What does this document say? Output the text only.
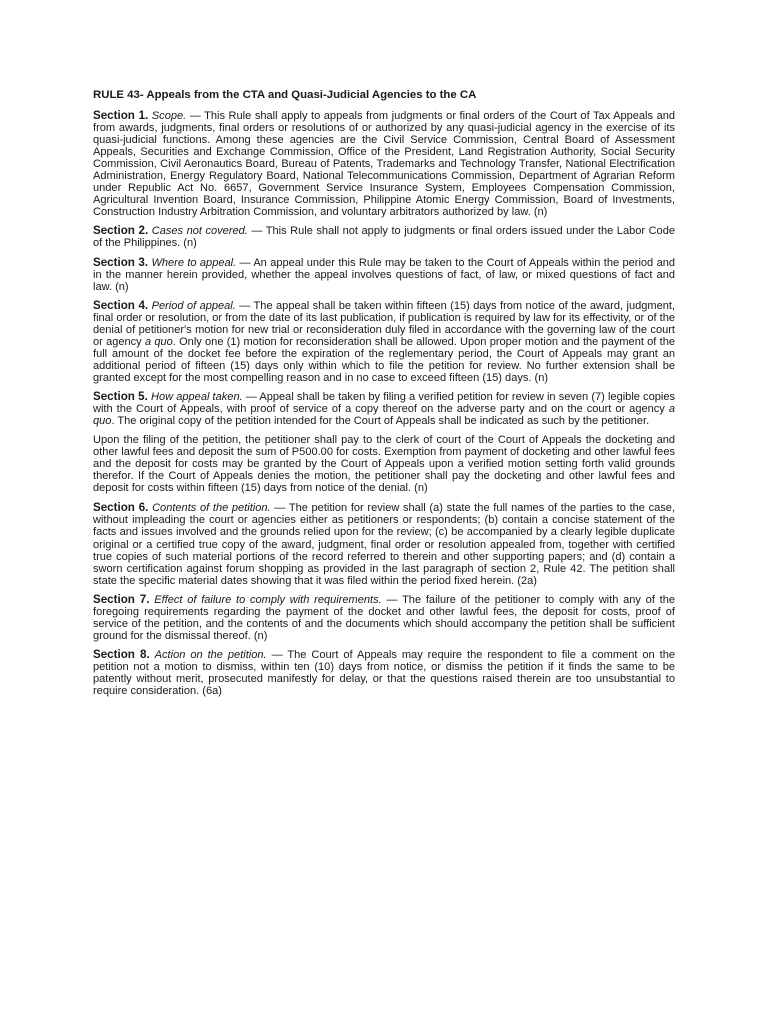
RULE 43- Appeals from the CTA and Quasi-Judicial Agencies to the CA

Section 1. Scope. — This Rule shall apply to appeals from judgments or final orders of the Court of Tax Appeals and from awards, judgments, final orders or resolutions of or authorized by any quasi-judicial agency in the exercise of its quasi-judicial functions. Among these agencies are the Civil Service Commission, Central Board of Assessment Appeals, Securities and Exchange Commission, Office of the President, Land Registration Authority, Social Security Commission, Civil Aeronautics Board, Bureau of Patents, Trademarks and Technology Transfer, National Electrification Administration, Energy Regulatory Board, National Telecommunications Commission, Department of Agrarian Reform under Republic Act No. 6657, Government Service Insurance System, Employees Compensation Commission, Agricultural Invention Board, Insurance Commission, Philippine Atomic Energy Commission, Board of Investments, Construction Industry Arbitration Commission, and voluntary arbitrators authorized by law. (n)

Section 2. Cases not covered. — This Rule shall not apply to judgments or final orders issued under the Labor Code of the Philippines. (n)

Section 3. Where to appeal. — An appeal under this Rule may be taken to the Court of Appeals within the period and in the manner herein provided, whether the appeal involves questions of fact, of law, or mixed questions of fact and law. (n)

Section 4. Period of appeal. — The appeal shall be taken within fifteen (15) days from notice of the award, judgment, final order or resolution, or from the date of its last publication, if publication is required by law for its effectivity, or of the denial of petitioner's motion for new trial or reconsideration duly filed in accordance with the governing law of the court or agency a quo. Only one (1) motion for reconsideration shall be allowed. Upon proper motion and the payment of the full amount of the docket fee before the expiration of the reglementary period, the Court of Appeals may grant an additional period of fifteen (15) days only within which to file the petition for review. No further extension shall be granted except for the most compelling reason and in no case to exceed fifteen (15) days. (n)

Section 5. How appeal taken. — Appeal shall be taken by filing a verified petition for review in seven (7) legible copies with the Court of Appeals, with proof of service of a copy thereof on the adverse party and on the court or agency a quo. The original copy of the petition intended for the Court of Appeals shall be indicated as such by the petitioner.

Upon the filing of the petition, the petitioner shall pay to the clerk of court of the Court of Appeals the docketing and other lawful fees and deposit the sum of P500.00 for costs. Exemption from payment of docketing and other lawful fees and the deposit for costs may be granted by the Court of Appeals upon a verified motion setting forth valid grounds therefor. If the Court of Appeals denies the motion, the petitioner shall pay the docketing and other lawful fees and deposit for costs within fifteen (15) days from notice of the denial. (n)

Section 6. Contents of the petition. — The petition for review shall (a) state the full names of the parties to the case, without impleading the court or agencies either as petitioners or respondents; (b) contain a concise statement of the facts and issues involved and the grounds relied upon for the review; (c) be accompanied by a clearly legible duplicate original or a certified true copy of the award, judgment, final order or resolution appealed from, together with certified true copies of such material portions of the record referred to therein and other supporting papers; and (d) contain a sworn certification against forum shopping as provided in the last paragraph of section 2, Rule 42. The petition shall state the specific material dates showing that it was filed within the period fixed herein. (2a)

Section 7. Effect of failure to comply with requirements. — The failure of the petitioner to comply with any of the foregoing requirements regarding the payment of the docket and other lawful fees, the deposit for costs, proof of service of the petition, and the contents of and the documents which should accompany the petition shall be sufficient ground for the dismissal thereof. (n)

Section 8. Action on the petition. — The Court of Appeals may require the respondent to file a comment on the petition not a motion to dismiss, within ten (10) days from notice, or dismiss the petition if it finds the same to be patently without merit, prosecuted manifestly for delay, or that the questions raised therein are too unsubstantial to require consideration. (6a)
